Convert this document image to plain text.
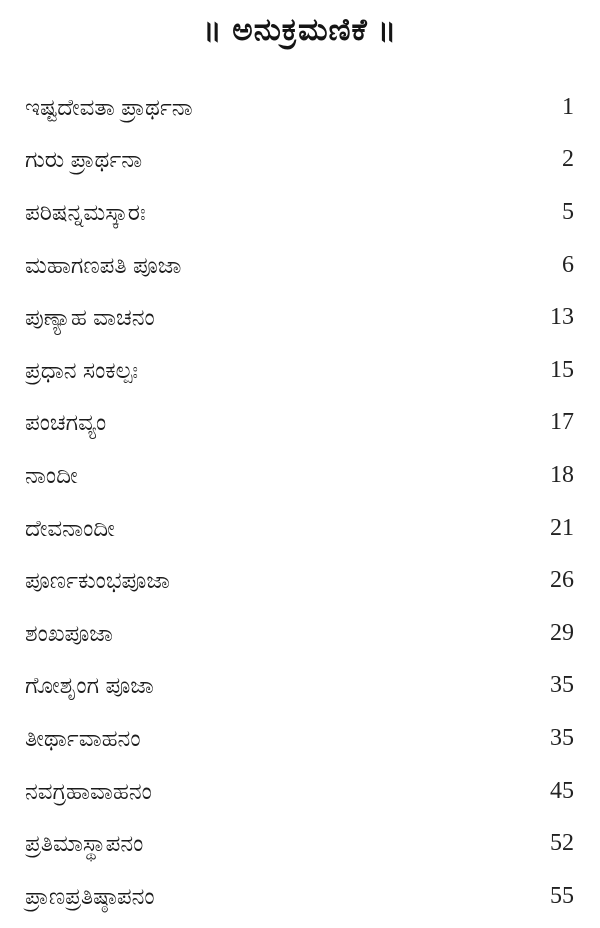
॥ ಅನುಕ್ರಮಣಿಕೆ ॥
ಇಷ್ಟದೇವತಾ ಪ್ರಾರ್ಥನಾ	1
ಗುರು ಪ್ರಾರ್ಥನಾ	2
ಪರಿಷನ್ನಮಸ್ಕಾರಃ	5
ಮಹಾಗಣಪತಿ ಪೂಜಾ	6
ಪುಣ್ಯಾಹ ವಾಚನಂ	13
ಪ್ರಧಾನ ಸಂಕಲ್ಪಃ	15
ಪಂಚಗವ್ಯಂ	17
ನಾಂದೀ	18
ದೇವನಾಂದೀ	21
ಪೂರ್ಣಕುಂಭಪೂಜಾ	26
ಶಂಖಪೂಜಾ	29
ಗೋಶೃಂಗ ಪೂಜಾ	35
ತೀರ್ಥಾವಾಹನಂ	35
ನವಗ್ರಹಾವಾಹನಂ	45
ಪ್ರತಿಮಾಸ್ಥಾಪನಂ	52
ಪ್ರಾಣಪ್ರತಿಷ್ಠಾಪನಂ	55
